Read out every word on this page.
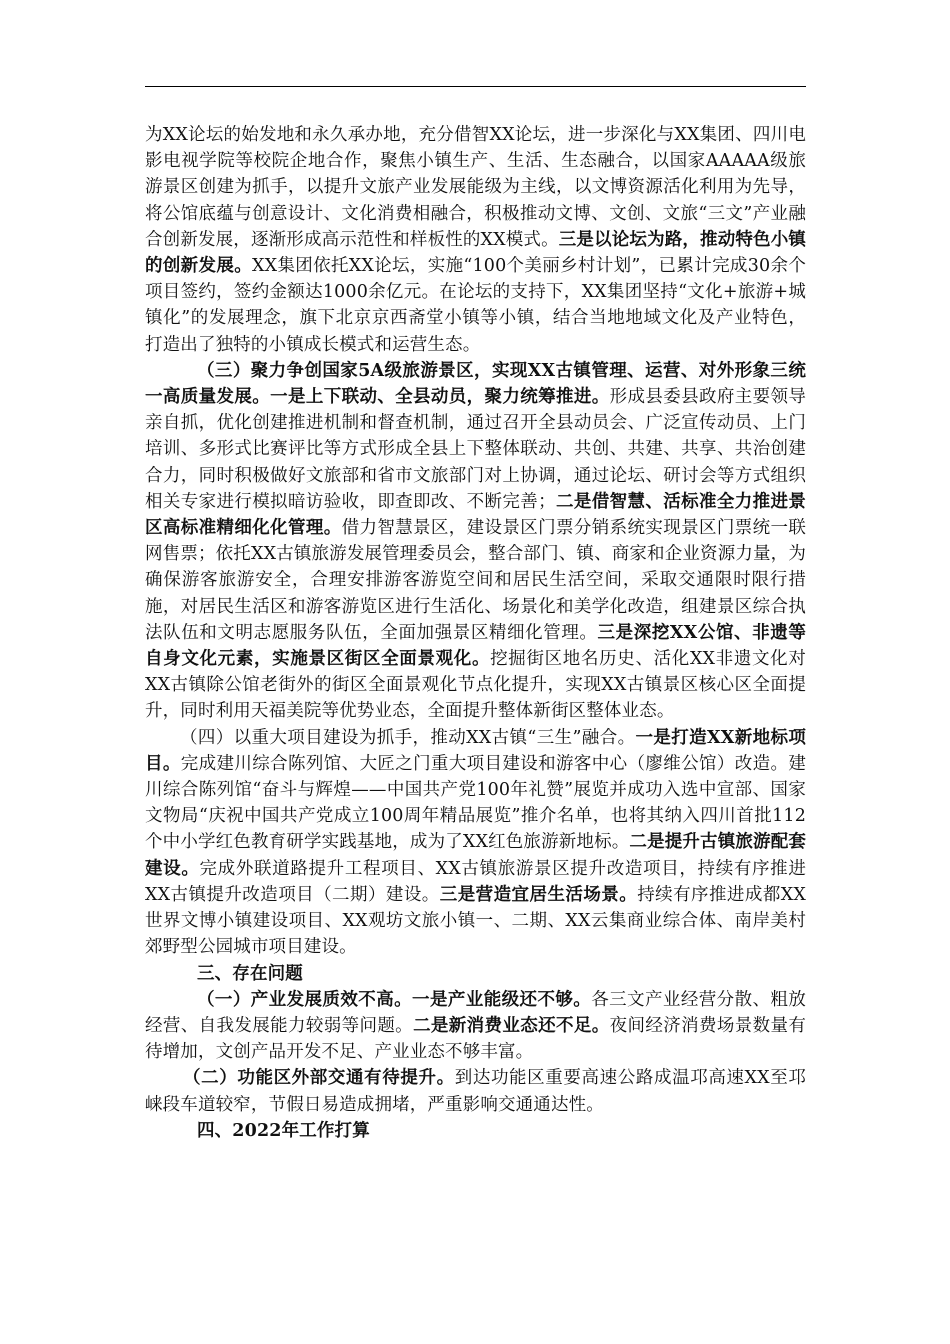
为XX论坛的始发地和永久承办地，充分借智XX论坛，进一步深化与XX集团、四川电影电视学院等校院企地合作，聚焦小镇生产、生活、生态融合，以国家AAAAA级旅游景区创建为抓手，以提升文旅产业发展能级为主线，以文博资源活化利用为先导，将公馆底蕴与创意设计、文化消费相融合，积极推动文博、文创、文旅“三文”产业融合创新发展，逐渐形成高示范性和样板性的XX模式。三是以论坛为路，推动特色小镇的创新发展。XX集团依托XX论坛，实施“100个美丽乡村计划”，已累计完成30余个项目签约，签约金额达1000余亿元。在论坛的支持下，XX集团坚持“文化+旅游+城镇化”的发展理念，旗下北京京西斋堂小镇等小镇，结合当地地域文化及产业特色，打造出了独特的小镇成长模式和运营生态。

（三）聚力争创国家5A级旅游景区，实现XX古镇管理、运营、对外形象三统一高质量发展。一是上下联动、全县动员，聚力统筹推进。形成县委县政府主要领导亲自抓，优化创建推进机制和督查机制，通过召开全县动员会、广泛宣传动员、上门培训、多形式比赛评比等方式形成全县上下整体联动、共创、共建、共享、共治创建合力，同时积极做好文旅部和省市文旅部门对上协调，通过论坛、研讨会等方式组织相关专家进行模拟暗访验收，即查即改、不断完善；二是借智慧、活标准全力推进景区高标准精细化化管理。借力智慧景区，建设景区门票分销系统实现景区门票统一联网售票；依托XX古镇旅游发展管理委员会，整合部门、镇、商家和企业资源力量，为确保游客旅游安全，合理安排游客游览空间和居民生活空间，采取交通限时限行措施，对居民生活区和游客游览区进行生活化、场景化和美学化改造，组建景区综合执法队伍和文明志愿服务队伍，全面加强景区精细化管理。三是深挖XX公馆、非遗等自身文化元素，实施景区街区全面景观化。挖掘街区地名历史、活化XX非遗文化对XX古镇除公馆老街外的街区全面景观化节点化提升，实现XX古镇景区核心区全面提升，同时利用天福美院等优势业态，全面提升整体新街区整体业态。

（四）以重大项目建设为抓手，推动XX古镇“三生”融合。一是打造XX新地标项目。完成建川综合陈列馆、大匠之门重大项目建设和游客中心（廖维公馆）改造。建川综合陈列馆“奋斗与辉煌——中国共产党100年礼赞”展览并成功入选中宣部、国家文物局“庆祝中国共产党成立100周年精品展览”推介名单，也将其纳入四川首批112个中小学红色教育研学实践基地，成为了XX红色旅游新地标。二是提升古镇旅游配套建设。完成外联道路提升工程项目、XX古镇旅游景区提升改造项目，持续有序推进XX古镇提升改造项目（二期）建设。三是营造宜居生活场景。持续有序推进成都XX世界文博小镇建设项目、XX观坊文旅小镇一、二期、XX云集商业综合体、南岸美村郊野型公园城市项目建设。

三、存在问题

（一）产业发展质效不高。一是产业能级还不够。各三文产业经营分散、粗放经营、自我发展能力较弱等问题。二是新消费业态还不足。夜间经济消费场景数量有待增加，文创产品开发不足、产业业态不够丰富。

（二）功能区外部交通有待提升。到达功能区重要高速公路成温邛高速XX至邛崃段车道较窄，节假日易造成拥堵，严重影响交通通达性。

四、2022年工作打算
